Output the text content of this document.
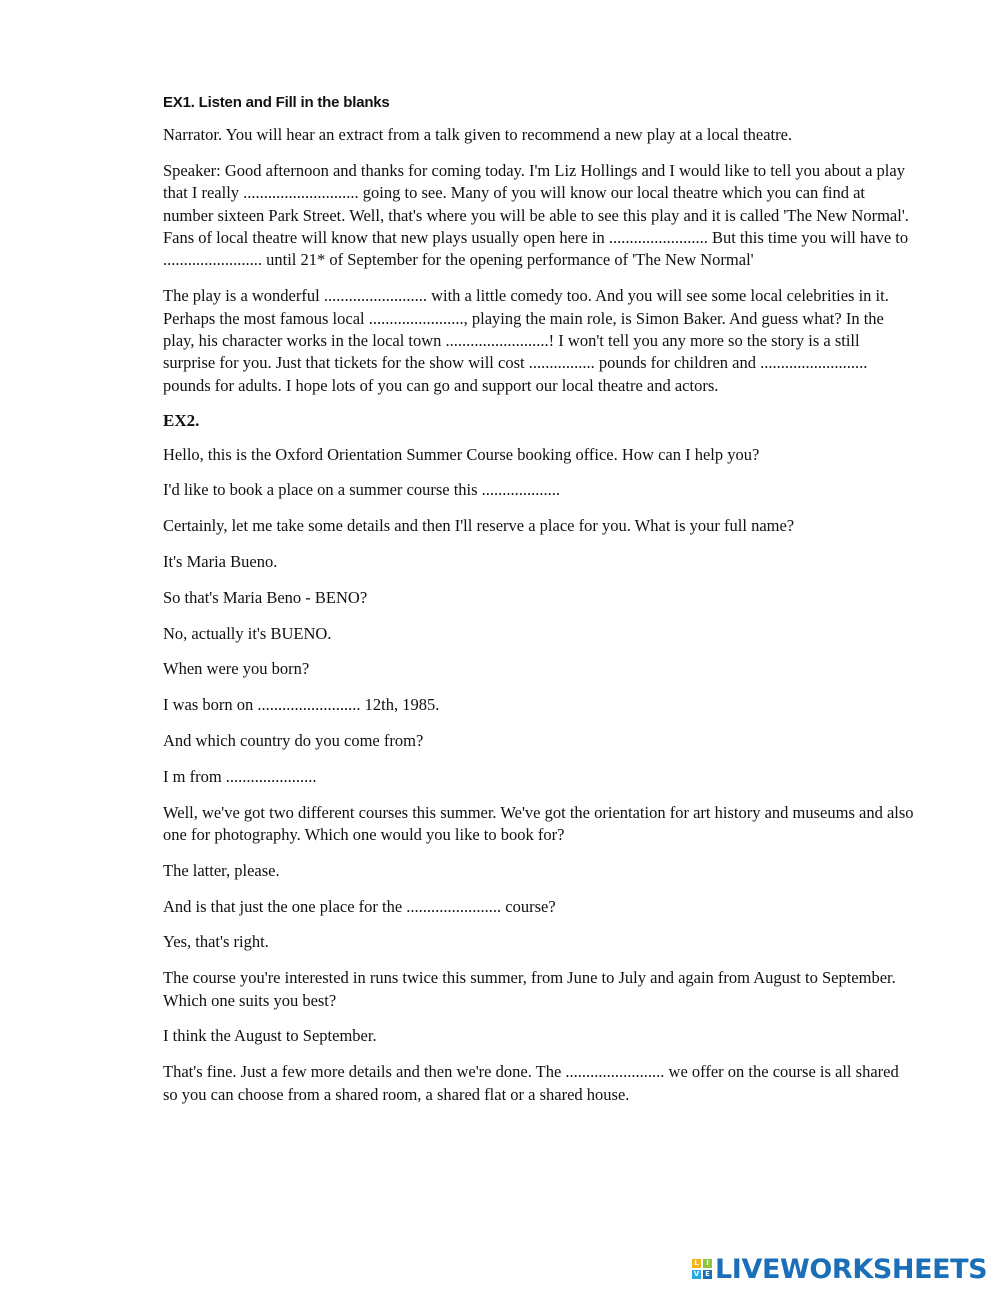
EX1. Listen and Fill in the blanks

Narrator. You will hear an extract from a talk given to recommend a new play at a local theatre.

Speaker: Good afternoon and thanks for coming today. I'm Liz Hollings and I would like to tell you about a play that I really ............................ going to see. Many of you will know our local theatre which you can find at number sixteen Park Street. Well, that's where you will be able to see this play and it is called 'The New Normal'. Fans of local theatre will know that new plays usually open here in ........................ But this time you will have to ........................ until 21* of September for the opening performance of 'The New Normal'

The play is a wonderful ......................... with a little comedy too. And you will see some local celebrities in it. Perhaps the most famous local ......................., playing the main role, is Simon Baker. And guess what? In the play, his character works in the local town .........................! I won't tell you any more so the story is a still surprise for you. Just that tickets for the show will cost ................ pounds for children and .......................... pounds for adults. I hope lots of you can go and support our local theatre and actors.

EX2.

Hello, this is the Oxford Orientation Summer Course booking office. How can I help you?

I'd like to book a place on a summer course this ...................

Certainly, let me take some details and then I'll reserve a place for you. What is your full name?

It's Maria Bueno.

So that's Maria Beno - BENO?

No, actually it's BUENO.

When were you born?

I was born on ......................... 12th, 1985.

And which country do you come from?

I m from ......................

Well, we've got two different courses this summer. We've got the orientation for art history and museums and also one for photography. Which one would you like to book for?

The latter, please.

And is that just the one place for the ....................... course?

Yes, that's right.

The course you're interested in runs twice this summer, from June to July and again from August to September. Which one suits you best?

I think the August to September.

That's fine. Just a few more details and then we're done. The ........................ we offer on the course is all shared so you can choose from a shared room, a shared flat or a shared house.

L	I
V E LIVEWORKSHEETS
